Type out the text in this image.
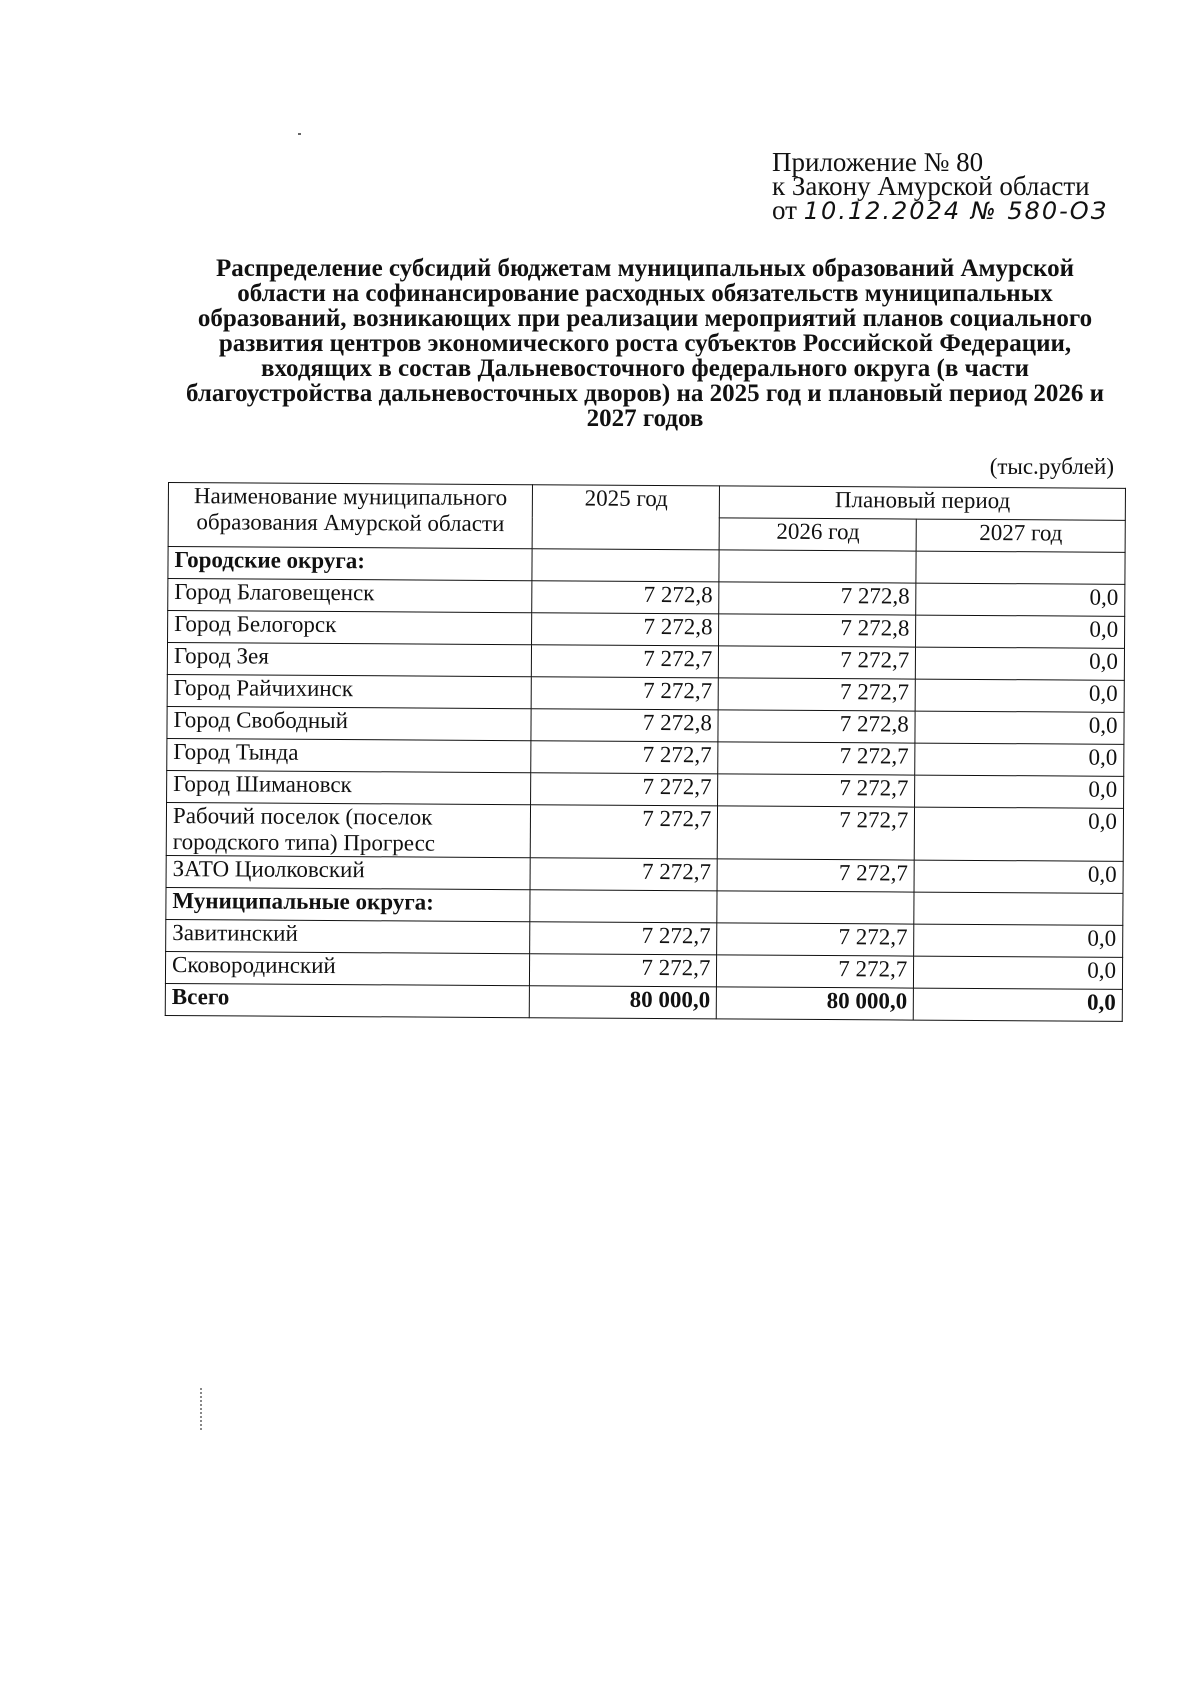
Приложение № 80
к Закону Амурской области
от 10.12.2024 № 580-ОЗ
Распределение субсидий бюджетам муниципальных образований Амурской области на софинансирование расходных обязательств муниципальных образований, возникающих при реализации мероприятий планов социального развития центров экономического роста субъектов Российской Федерации, входящих в состав Дальневосточного федерального округа (в части благоустройства дальневосточных дворов) на 2025 год и плановый период 2026 и 2027 годов
(тыс.рублей)
Наименование муниципального образования Амурской области	2025 год	Плановый период	
		2026 год	2027 год
Городские округа:			
Город Благовещенск	7 272,8	7 272,8	0,0
Город Белогорск	7 272,8	7 272,8	0,0
Город Зея	7 272,7	7 272,7	0,0
Город Райчихинск	7 272,7	7 272,7	0,0
Город Свободный	7 272,8	7 272,8	0,0
Город Тында	7 272,7	7 272,7	0,0
Город Шимановск	7 272,7	7 272,7	0,0
Рабочий поселок (поселок городского типа) Прогресс	7 272,7	7 272,7	0,0
ЗАТО Циолковский	7 272,7	7 272,7	0,0
Муниципальные округа:			
Завитинский	7 272,7	7 272,7	0,0
Сковородинский	7 272,7	7 272,7	0,0
Всего	80 000,0	80 000,0	0,0
